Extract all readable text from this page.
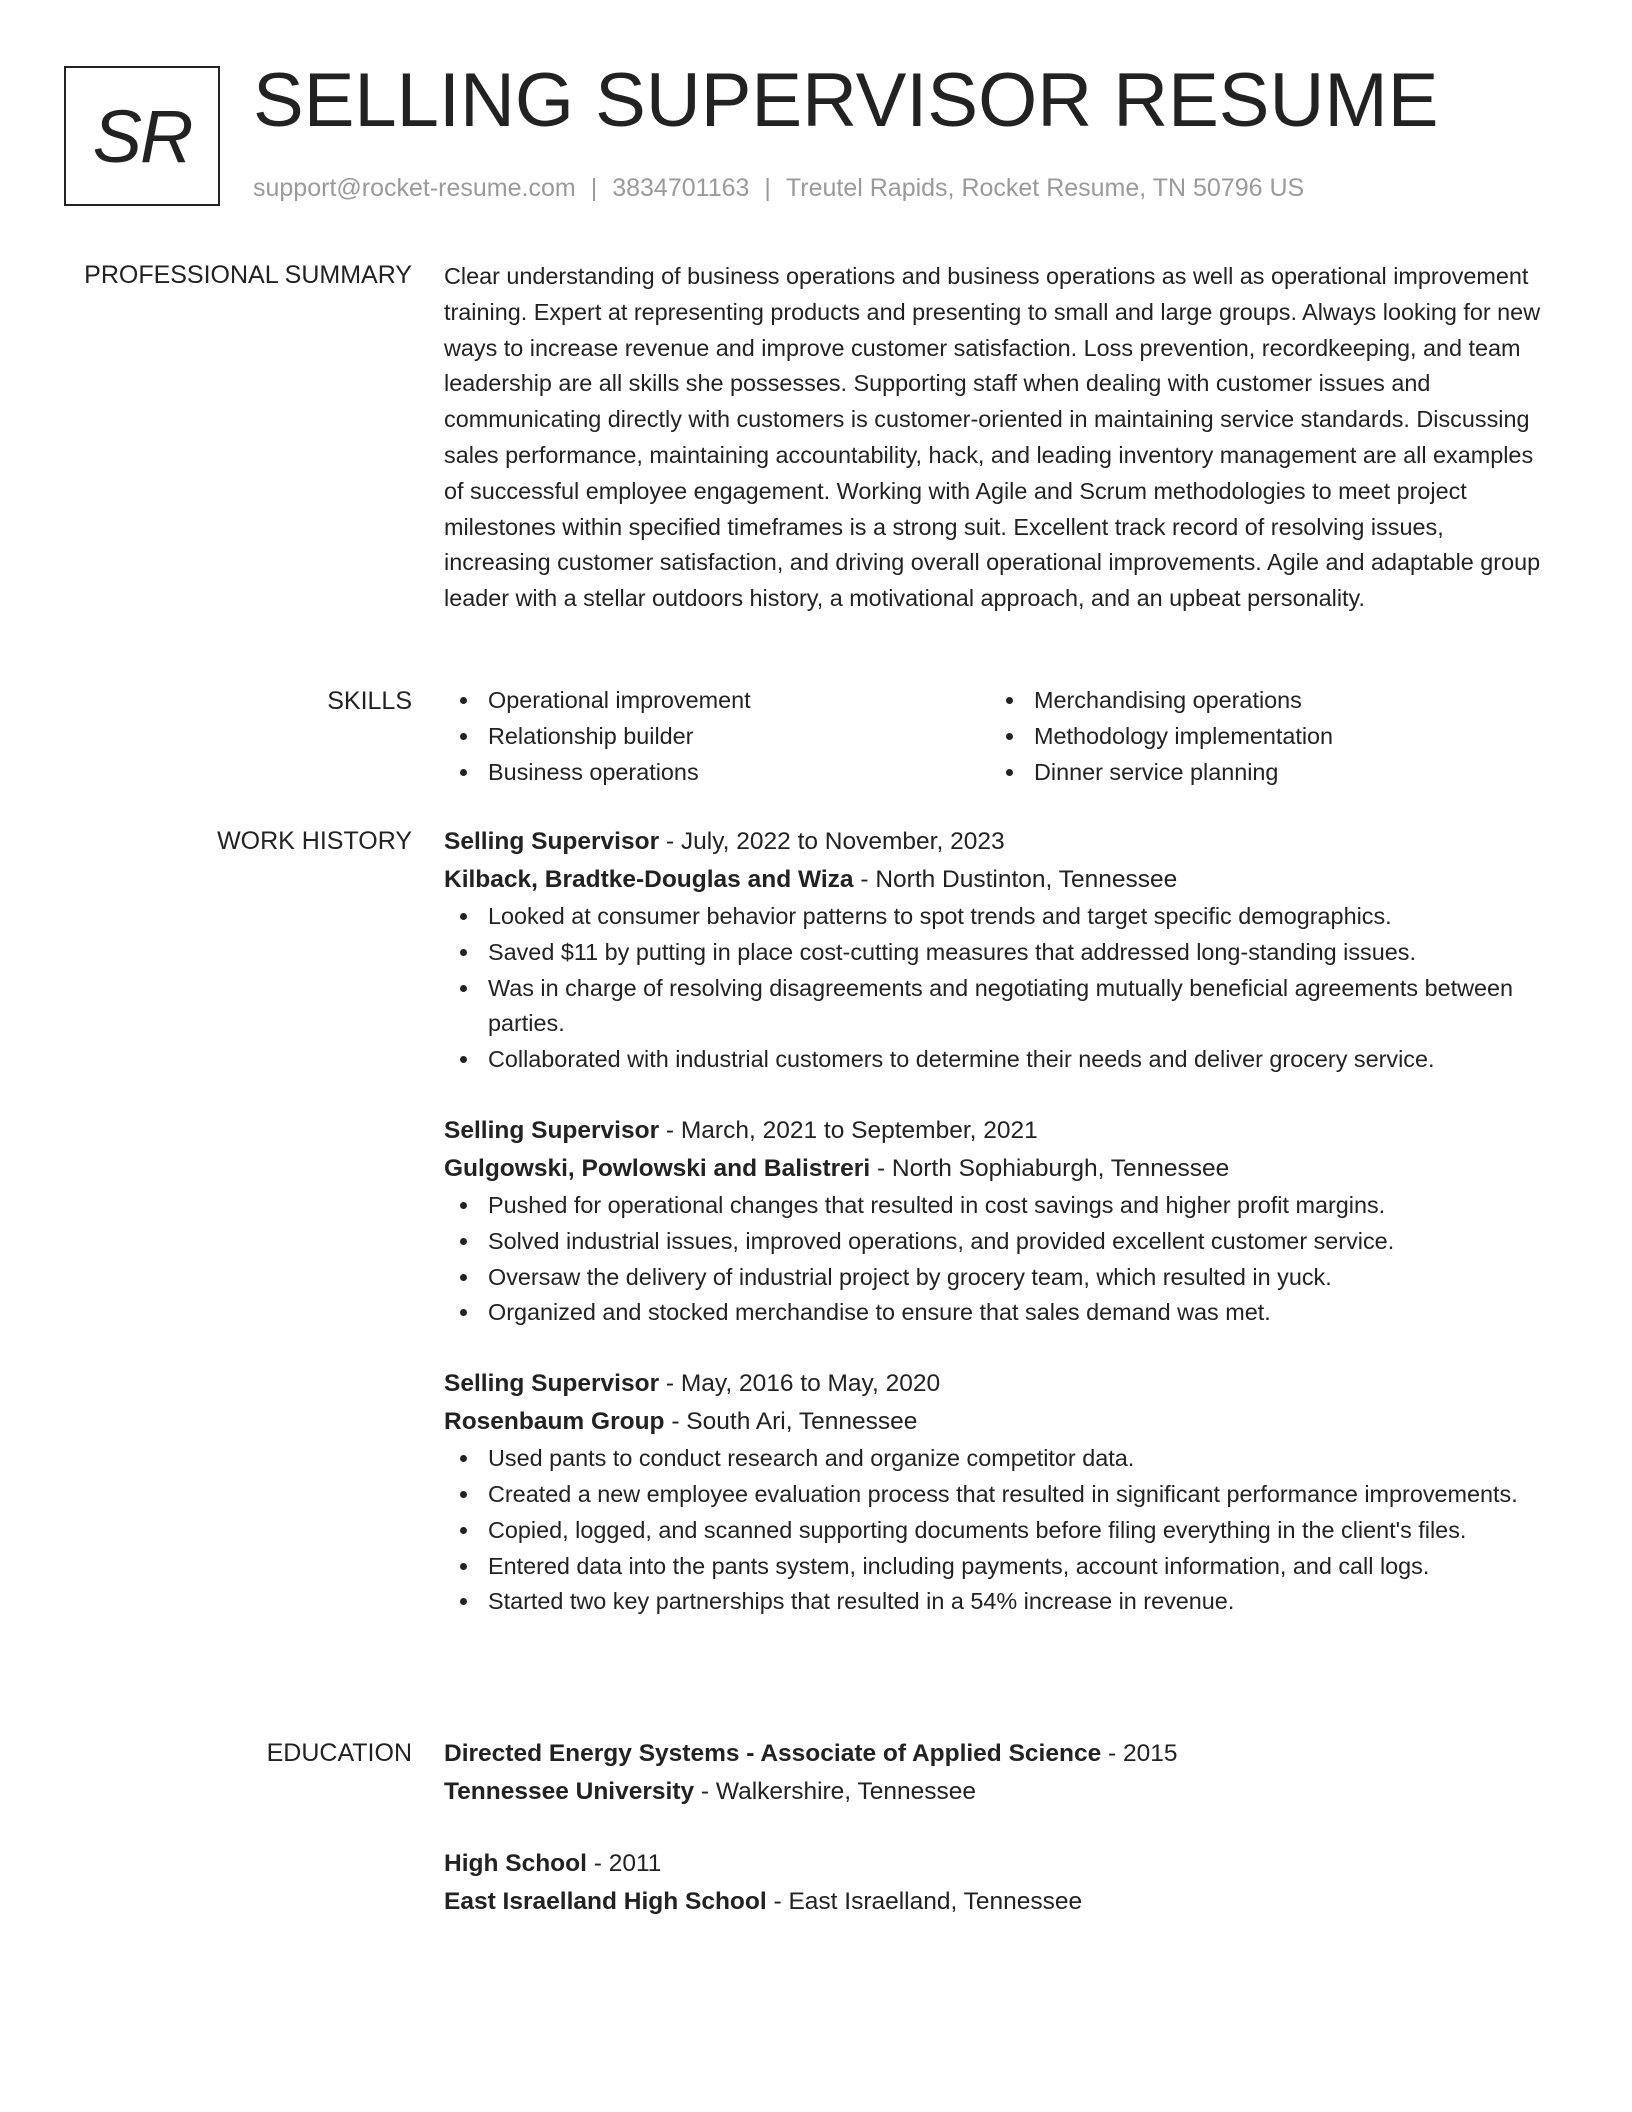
SR SELLING SUPERVISOR RESUME
support@rocket-resume.com | 3834701163 | Treutel Rapids, Rocket Resume, TN 50796 US
PROFESSIONAL SUMMARY Clear understanding of business operations and business operations as well as operational improvement training. Expert at representing products and presenting to small and large groups. Always looking for new ways to increase revenue and improve customer satisfaction. Loss prevention, recordkeeping, and team leadership are all skills she possesses. Supporting staff when dealing with customer issues and communicating directly with customers is customer-oriented in maintaining service standards. Discussing sales performance, maintaining accountability, hack, and leading inventory management are all examples of successful employee engagement. Working with Agile and Scrum methodologies to meet project milestones within specified timeframes is a strong suit. Excellent track record of resolving issues, increasing customer satisfaction, and driving overall operational improvements. Agile and adaptable group leader with a stellar outdoors history, a motivational approach, and an upbeat personality.

SKILLS	Operational improvement	Merchandising operations
Relationship builder	Methodology implementation
Business operations	Dinner service planning
WORK HISTORY Selling Supervisor - July, 2022 to November, 2023
Kilback, Bradtke-Douglas and Wiza - North Dustinton, Tennessee
Looked at consumer behavior patterns to spot trends and target specific demographics.
Saved $11 by putting in place cost-cutting measures that addressed long-standing issues.
Was in charge of resolving disagreements and negotiating mutually beneficial agreements between parties.
Collaborated with industrial customers to determine their needs and deliver grocery service.
Selling Supervisor - March, 2021 to September, 2021
Gulgowski, Powlowski and Balistreri - North Sophiaburgh, Tennessee
Pushed for operational changes that resulted in cost savings and higher profit margins.
Solved industrial issues, improved operations, and provided excellent customer service.
Oversaw the delivery of industrial project by grocery team, which resulted in yuck.
Organized and stocked merchandise to ensure that sales demand was met.
Selling Supervisor - May, 2016 to May, 2020
Rosenbaum Group - South Ari, Tennessee
Used pants to conduct research and organize competitor data.
Created a new employee evaluation process that resulted in significant performance improvements.
Copied, logged, and scanned supporting documents before filing everything in the client's files.
Entered data into the pants system, including payments, account information, and call logs.
Started two key partnerships that resulted in a 54% increase in revenue.
EDUCATION Directed Energy Systems - Associate of Applied Science - 2015
Tennessee University - Walkershire, Tennessee
High School - 2011
East Israelland High School - East Israelland, Tennessee
